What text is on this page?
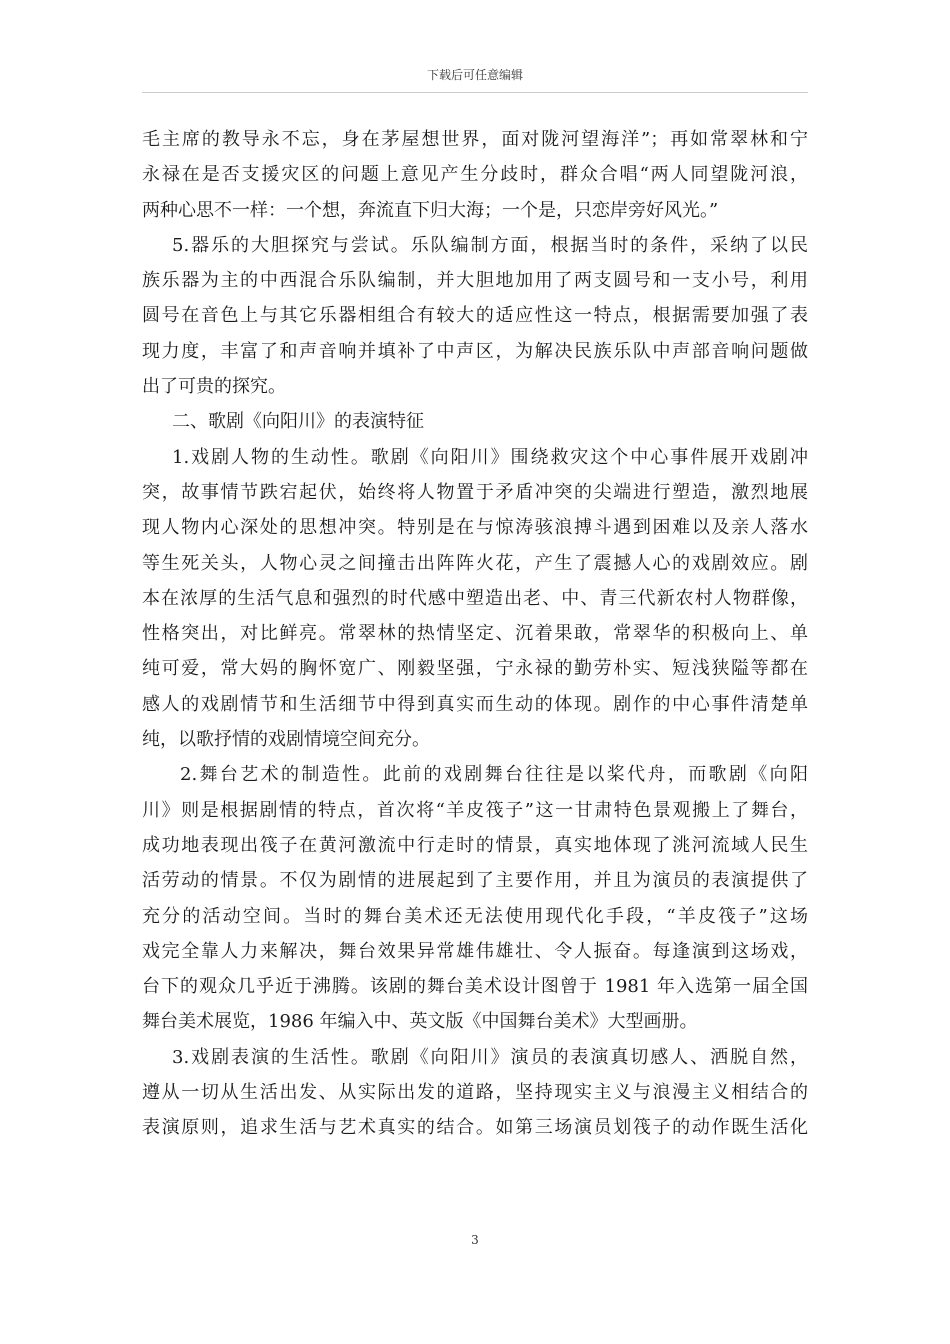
下载后可任意编辑
毛主席的教导永不忘，身在茅屋想世界，面对陇河望海洋”；再如常翠林和宁
永禄在是否支援灾区的问题上意见产生分歧时，群众合唱“两人同望陇河浪，
两种心思不一样：一个想，奔流直下归大海；一个是，只恋岸旁好风光。”
5.器乐的大胆探究与尝试。乐队编制方面，根据当时的条件，采纳了以民
族乐器为主的中西混合乐队编制，并大胆地加用了两支圆号和一支小号，利用
圆号在音色上与其它乐器相组合有较大的适应性这一特点，根据需要加强了表
现力度，丰富了和声音响并填补了中声区，为解决民族乐队中声部音响问题做
出了可贵的探究。
二、歌剧《向阳川》的表演特征
1.戏剧人物的生动性。歌剧《向阳川》围绕救灾这个中心事件展开戏剧冲
突，故事情节跌宕起伏，始终将人物置于矛盾冲突的尖端进行塑造，激烈地展
现人物内心深处的思想冲突。特别是在与惊涛骇浪搏斗遇到困难以及亲人落水
等生死关头，人物心灵之间撞击出阵阵火花，产生了震撼人心的戏剧效应。剧
本在浓厚的生活气息和强烈的时代感中塑造出老、中、青三代新农村人物群像，
性格突出，对比鲜亮。常翠林的热情坚定、沉着果敢，常翠华的积极向上、单
纯可爱，常大妈的胸怀宽广、刚毅坚强，宁永禄的勤劳朴实、短浅狭隘等都在
感人的戏剧情节和生活细节中得到真实而生动的体现。剧作的中心事件清楚单
纯，以歌抒情的戏剧情境空间充分。
2.舞台艺术的制造性。此前的戏剧舞台往往是以桨代舟，而歌剧《向阳
川》则是根据剧情的特点，首次将“羊皮筏子”这一甘肃特色景观搬上了舞台，
成功地表现出筏子在黄河激流中行走时的情景，真实地体现了洮河流域人民生
活劳动的情景。不仅为剧情的进展起到了主要作用，并且为演员的表演提供了
充分的活动空间。当时的舞台美术还无法使用现代化手段，“羊皮筏子”这场
戏完全靠人力来解决，舞台效果异常雄伟雄壮、令人振奋。每逢演到这场戏，
台下的观众几乎近于沸腾。该剧的舞台美术设计图曾于 1981 年入选第一届全国
舞台美术展览，1986 年编入中、英文版《中国舞台美术》大型画册。
3.戏剧表演的生活性。歌剧《向阳川》演员的表演真切感人、洒脱自然，
遵从一切从生活出发、从实际出发的道路，坚持现实主义与浪漫主义相结合的
表演原则，追求生活与艺术真实的结合。如第三场演员划筏子的动作既生活化
3
